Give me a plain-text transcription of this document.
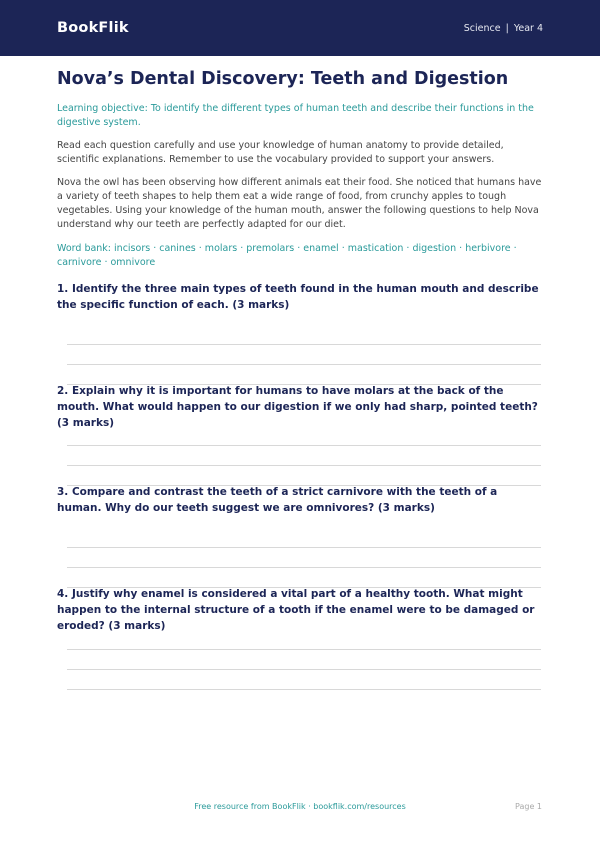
BookFlik	Science | Year 4
Nova’s Dental Discovery: Teeth and Digestion

Learning objective: To identify the different types of human teeth and describe their functions in the digestive system.

Read each question carefully and use your knowledge of human anatomy to provide detailed, scientific explanations. Remember to use the vocabulary provided to support your answers.

Nova the owl has been observing how different animals eat their food. She noticed that humans have a variety of teeth shapes to help them eat a wide range of food, from crunchy apples to tough vegetables. Using your knowledge of the human mouth, answer the following questions to help Nova understand why our teeth are perfectly adapted for our diet.

Word bank: incisors · canines · molars · premolars · enamel · mastication · digestion · herbivore · carnivore · omnivore

1. Identify the three main types of teeth found in the human mouth and describe the specific function of each. (3 marks)

2. Explain why it is important for humans to have molars at the back of the mouth. What would happen to our digestion if we only had sharp, pointed teeth? (3 marks)

3. Compare and contrast the teeth of a strict carnivore with the teeth of a human. Why do our teeth suggest we are omnivores? (3 marks)

4. Justify why enamel is considered a vital part of a healthy tooth. What might happen to the internal structure of a tooth if the enamel were to be damaged or eroded? (3 marks)

Free resource from BookFlik · bookflik.com/resources	Page 1
